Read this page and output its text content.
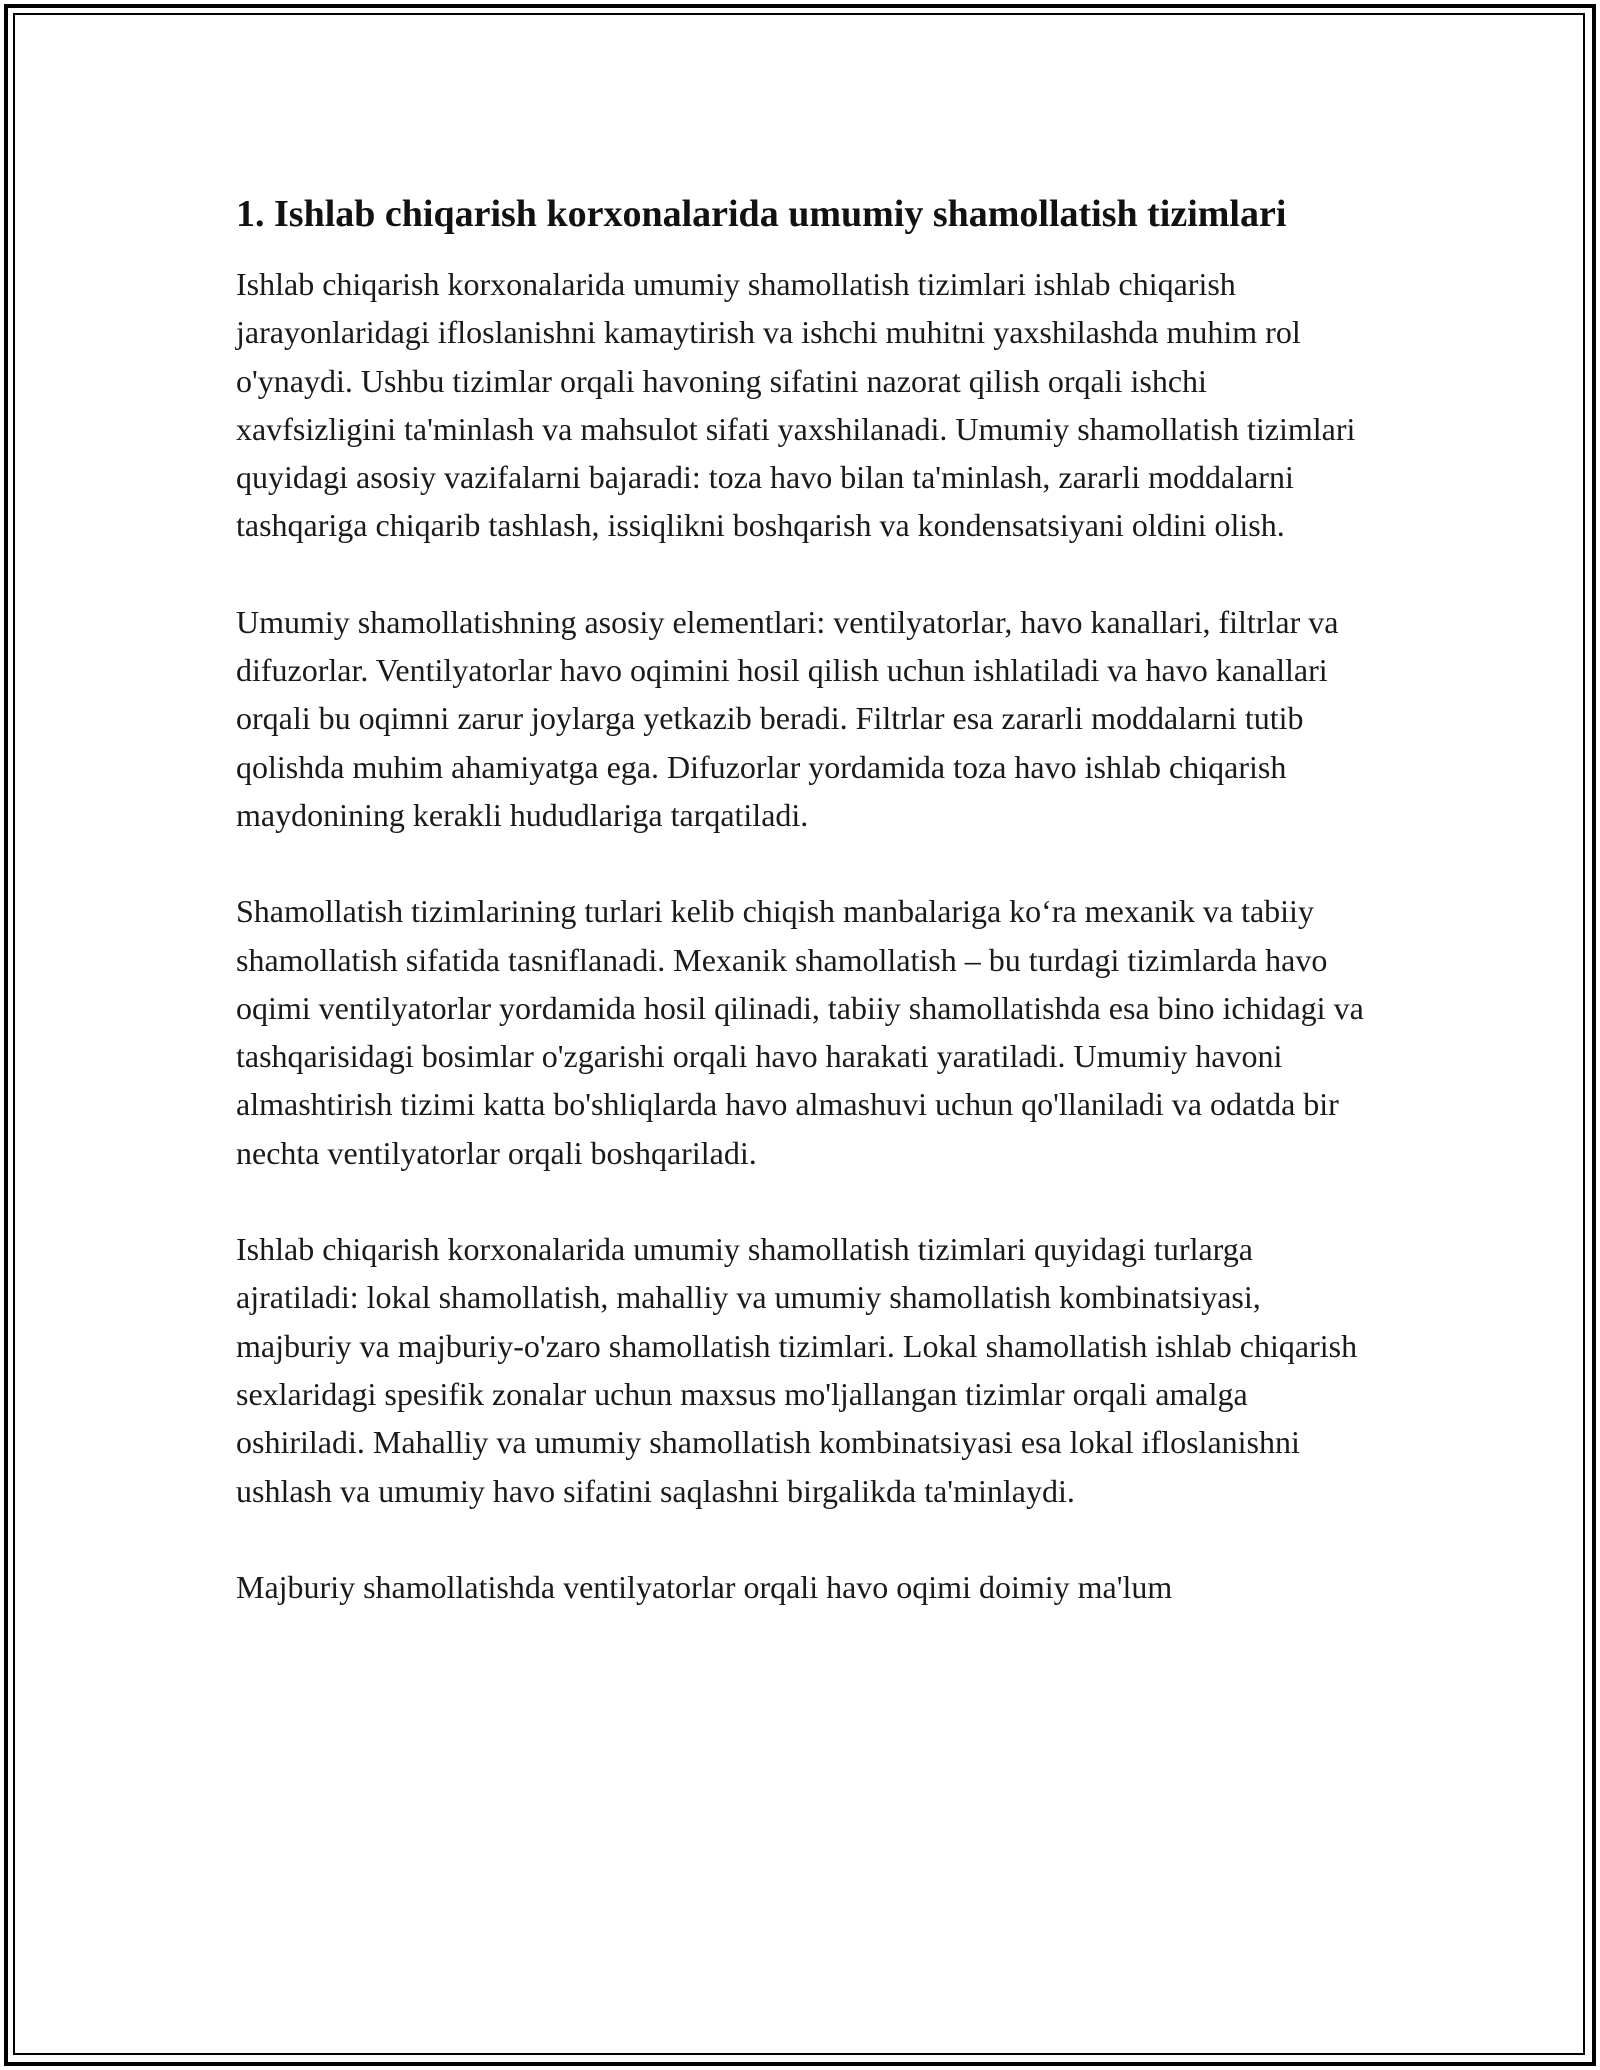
1. Ishlab chiqarish korxonalarida umumiy shamollatish tizimlari

Ishlab chiqarish korxonalarida umumiy shamollatish tizimlari ishlab chiqarish jarayonlaridagi ifloslanishni kamaytirish va ishchi muhitni yaxshilashda muhim rol o'ynaydi. Ushbu tizimlar orqali havoning sifatini nazorat qilish orqali ishchi xavfsizligini ta'minlash va mahsulot sifati yaxshilanadi. Umumiy shamollatish tizimlari quyidagi asosiy vazifalarni bajaradi: toza havo bilan ta'minlash, zararli moddalarni tashqariga chiqarib tashlash, issiqlikni boshqarish va kondensatsiyani oldini olish.

Umumiy shamollatishning asosiy elementlari: ventilyatorlar, havo kanallari, filtrlar va difuzorlar. Ventilyatorlar havo oqimini hosil qilish uchun ishlatiladi va havo kanallari orqali bu oqimni zarur joylarga yetkazib beradi. Filtrlar esa zararli moddalarni tutib qolishda muhim ahamiyatga ega. Difuzorlar yordamida toza havo ishlab chiqarish maydonining kerakli hududlariga tarqatiladi.

Shamollatish tizimlarining turlari kelib chiqish manbalariga koʻra mexanik va tabiiy shamollatish sifatida tasniflanadi. Mexanik shamollatish – bu turdagi tizimlarda havo oqimi ventilyatorlar yordamida hosil qilinadi, tabiiy shamollatishda esa bino ichidagi va tashqarisidagi bosimlar o'zgarishi orqali havo harakati yaratiladi. Umumiy havoni almashtirish tizimi katta bo'shliqlarda havo almashuvi uchun qo'llaniladi va odatda bir nechta ventilyatorlar orqali boshqariladi.

Ishlab chiqarish korxonalarida umumiy shamollatish tizimlari quyidagi turlarga ajratiladi: lokal shamollatish, mahalliy va umumiy shamollatish kombinatsiyasi, majburiy va majburiy-o'zaro shamollatish tizimlari. Lokal shamollatish ishlab chiqarish sexlaridagi spesifik zonalar uchun maxsus mo'ljallangan tizimlar orqali amalga oshiriladi. Mahalliy va umumiy shamollatish kombinatsiyasi esa lokal ifloslanishni ushlash va umumiy havo sifatini saqlashni birgalikda ta'minlaydi.

Majburiy shamollatishda ventilyatorlar orqali havo oqimi doimiy ma'lum
